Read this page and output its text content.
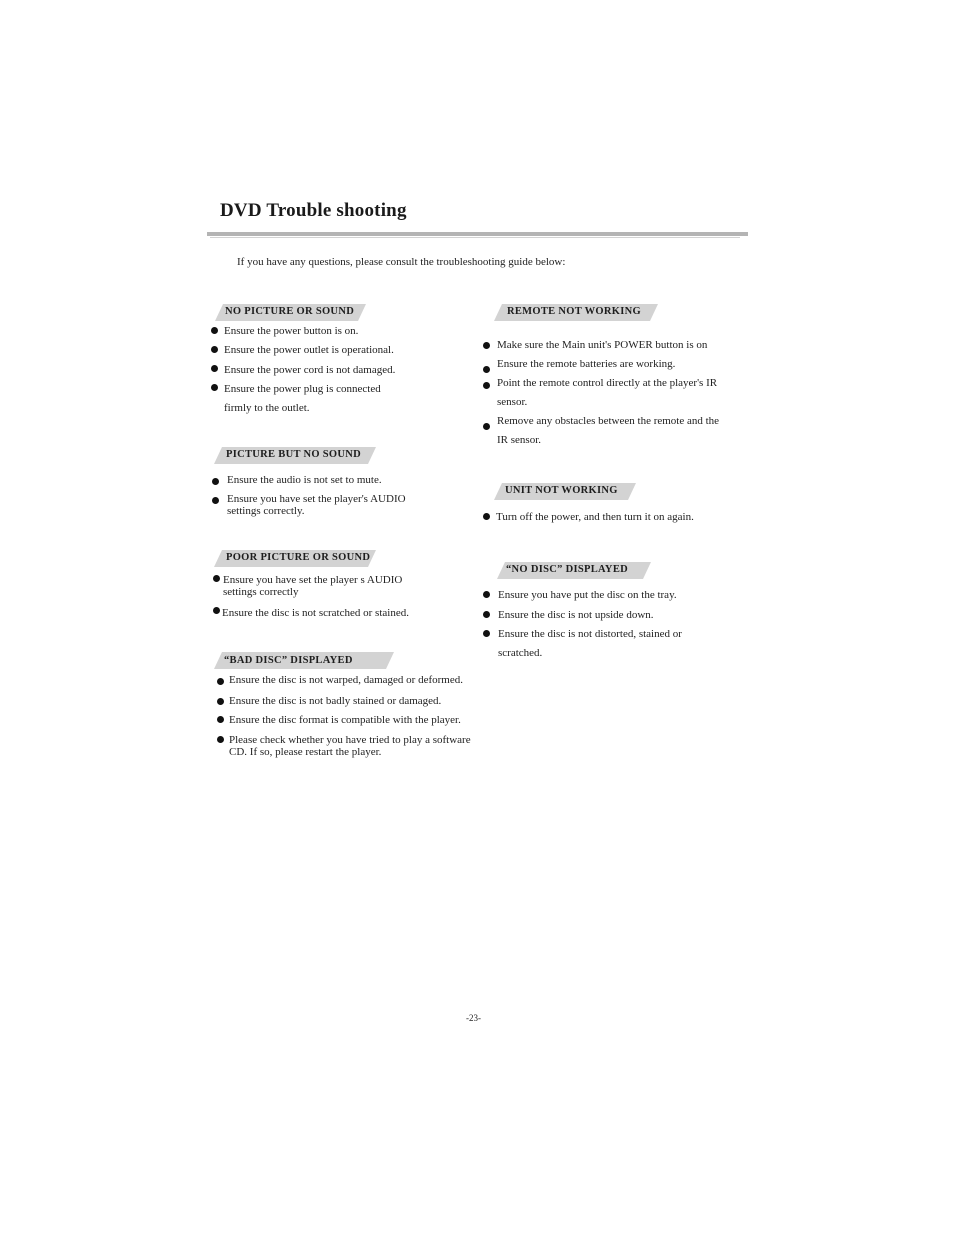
DVD Trouble shooting
If you have any questions, please consult the troubleshooting guide below:
NO PICTURE OR SOUND
Ensure the power button is on.
Ensure the power outlet is operational.
Ensure the power cord is not damaged.
Ensure the power plug is connected
firmly to the outlet.
PICTURE BUT NO SOUND
Ensure the audio is not set to mute.
Ensure you have set the player's AUDIO
settings correctly.
POOR PICTURE OR SOUND
Ensure you have set the player s AUDIO
settings correctly
Ensure the disc is not scratched or stained.
“BAD DISC” DISPLAYED
Ensure the disc is not warped, damaged or deformed.
Ensure the disc is not badly stained or damaged.
Ensure the disc format is compatible with the player.
Please check whether you have tried to play a software
CD. If so, please restart the player.
REMOTE NOT WORKING
Make sure the Main unit's POWER button is on
Ensure the remote batteries are working.
Point the remote control directly at the player's IR
sensor.
Remove any obstacles between the remote and the
IR sensor.
UNIT NOT WORKING
Turn off the power, and then turn it on again.
“NO DISC” DISPLAYED
Ensure you have put the disc on the tray.
Ensure the disc is not upside down.
Ensure the disc is not distorted, stained or
scratched.
-23-
